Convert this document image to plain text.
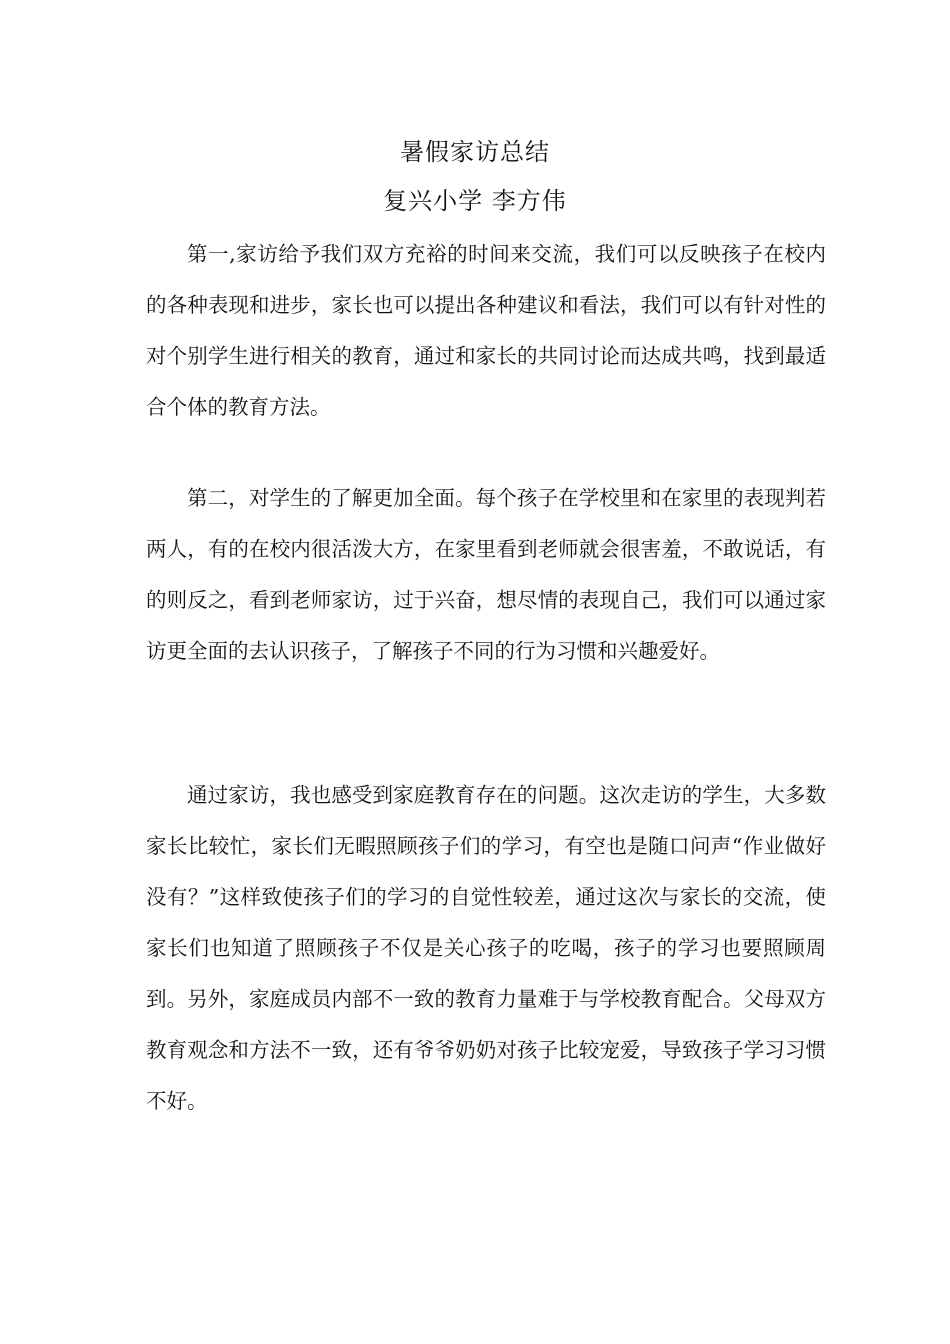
暑假家访总结
复兴小学 李方伟

第一,家访给予我们双方充裕的时间来交流，我们可以反映孩子在校内的各种表现和进步，家长也可以提出各种建议和看法，我们可以有针对性的对个别学生进行相关的教育，通过和家长的共同讨论而达成共鸣，找到最适合个体的教育方法。

第二，对学生的了解更加全面。每个孩子在学校里和在家里的表现判若两人，有的在校内很活泼大方，在家里看到老师就会很害羞，不敢说话，有的则反之，看到老师家访，过于兴奋，想尽情的表现自己，我们可以通过家访更全面的去认识孩子，了解孩子不同的行为习惯和兴趣爱好。

通过家访，我也感受到家庭教育存在的问题。这次走访的学生，大多数家长比较忙，家长们无暇照顾孩子们的学习，有空也是随口问声“作业做好没有？”这样致使孩子们的学习的自觉性较差，通过这次与家长的交流，使家长们也知道了照顾孩子不仅是关心孩子的吃喝，孩子的学习也要照顾周到。另外，家庭成员内部不一致的教育力量难于与学校教育配合。父母双方教育观念和方法不一致，还有爷爷奶奶对孩子比较宠爱，导致孩子学习习惯不好。
